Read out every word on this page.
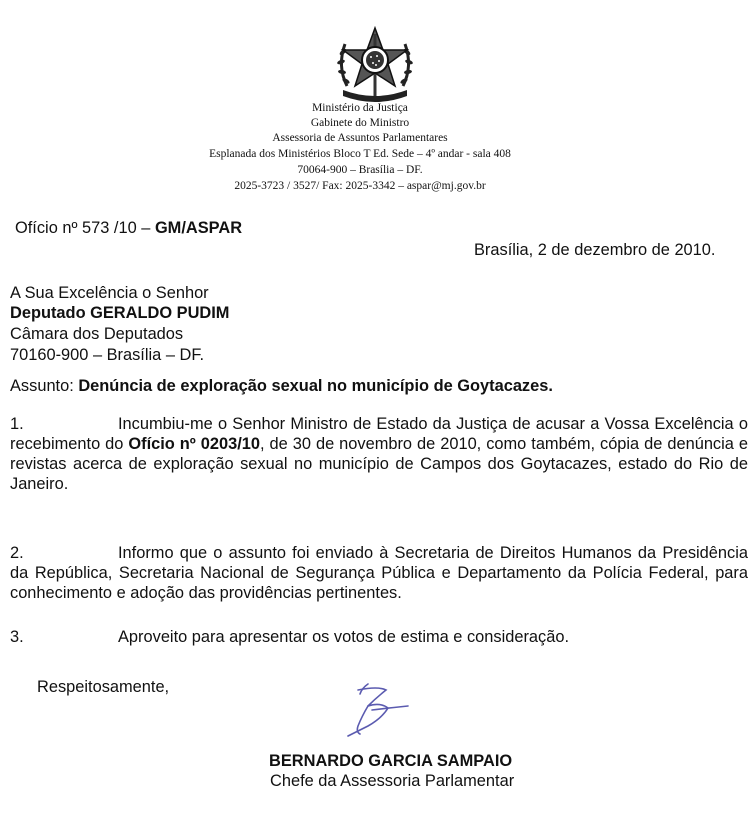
Ministério da Justiça
Gabinete do Ministro
Assessoria de Assuntos Parlamentares
Esplanada dos Ministérios Bloco T Ed. Sede – 4º andar - sala 408
70064-900 – Brasília – DF.
2025-3723 / 3527/ Fax: 2025-3342 – aspar@mj.gov.br
Ofício nº 573 /10 – GM/ASPAR
Brasília, 2 de dezembro de 2010.
A Sua Excelência o Senhor
Deputado GERALDO PUDIM
Câmara dos Deputados
70160-900 – Brasília – DF.
Assunto: Denúncia de exploração sexual no município de Goytacazes.
1.	Incumbiu-me o Senhor Ministro de Estado da Justiça de acusar a Vossa Excelência o recebimento do Ofício nº 0203/10, de 30 de novembro de 2010, como também, cópia de denúncia e revistas acerca de exploração sexual no município de Campos dos Goytacazes, estado do Rio de Janeiro.
2.	Informo que o assunto foi enviado à Secretaria de Direitos Humanos da Presidência da República, Secretaria Nacional de Segurança Pública e Departamento da Polícia Federal, para conhecimento e adoção das providências pertinentes.
3.	Aproveito para apresentar os votos de estima e consideração.
Respeitosamente,
BERNARDO GARCIA SAMPAIO
Chefe da Assessoria Parlamentar
